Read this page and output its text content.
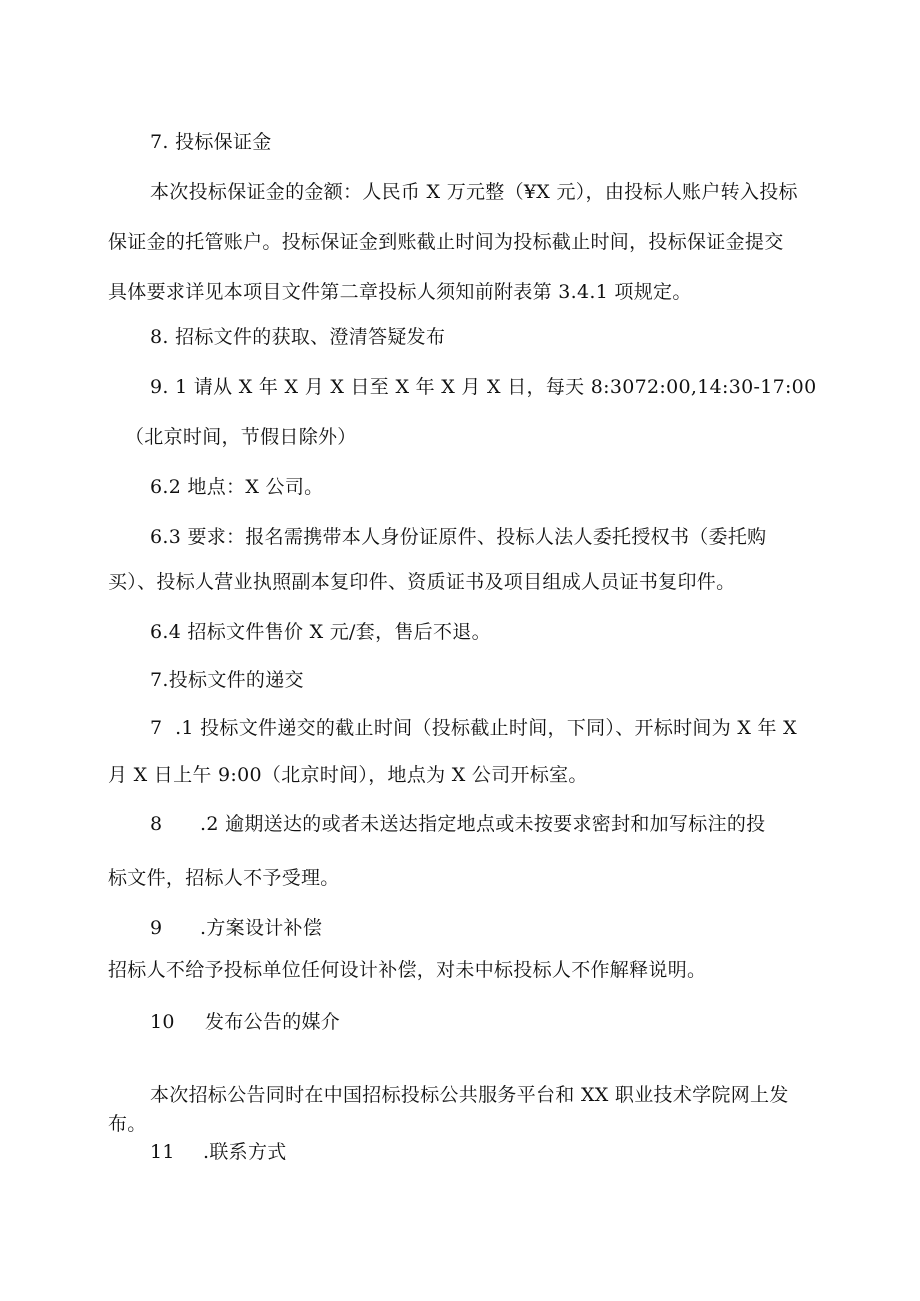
7. 投标保证金
本次投标保证金的金额：人民币 X 万元整（¥X 元），由投标人账户转入投标
保证金的托管账户。投标保证金到账截止时间为投标截止时间，投标保证金提交
具体要求详见本项目文件第二章投标人须知前附表第 3.4.1 项规定。
8. 招标文件的获取、澄清答疑发布
9. 1 请从 X 年 X 月 X 日至 X 年 X 月 X 日，每天 8:3072:00,14:30-17:00
（北京时间，节假日除外）
6.2 地点：X 公司。
6.3 要求：报名需携带本人身份证原件、投标人法人委托授权书（委托购
买）、投标人营业执照副本复印件、资质证书及项目组成人员证书复印件。
6.4 招标文件售价 X 元/套，售后不退。
7.投标文件的递交
7  .1 投标文件递交的截止时间（投标截止时间，下同）、开标时间为 X 年 X
月 X 日上午 9:00（北京时间），地点为 X 公司开标室。
8 .2 逾期送达的或者未送达指定地点或未按要求密封和加写标注的投
标文件，招标人不予受理。
9 .方案设计补偿
招标人不给予投标单位任何设计补偿，对未中标投标人不作解释说明。
10 发布公告的媒介
本次招标公告同时在中国招标投标公共服务平台和 XX 职业技术学院网上发
布。
11 .联系方式
